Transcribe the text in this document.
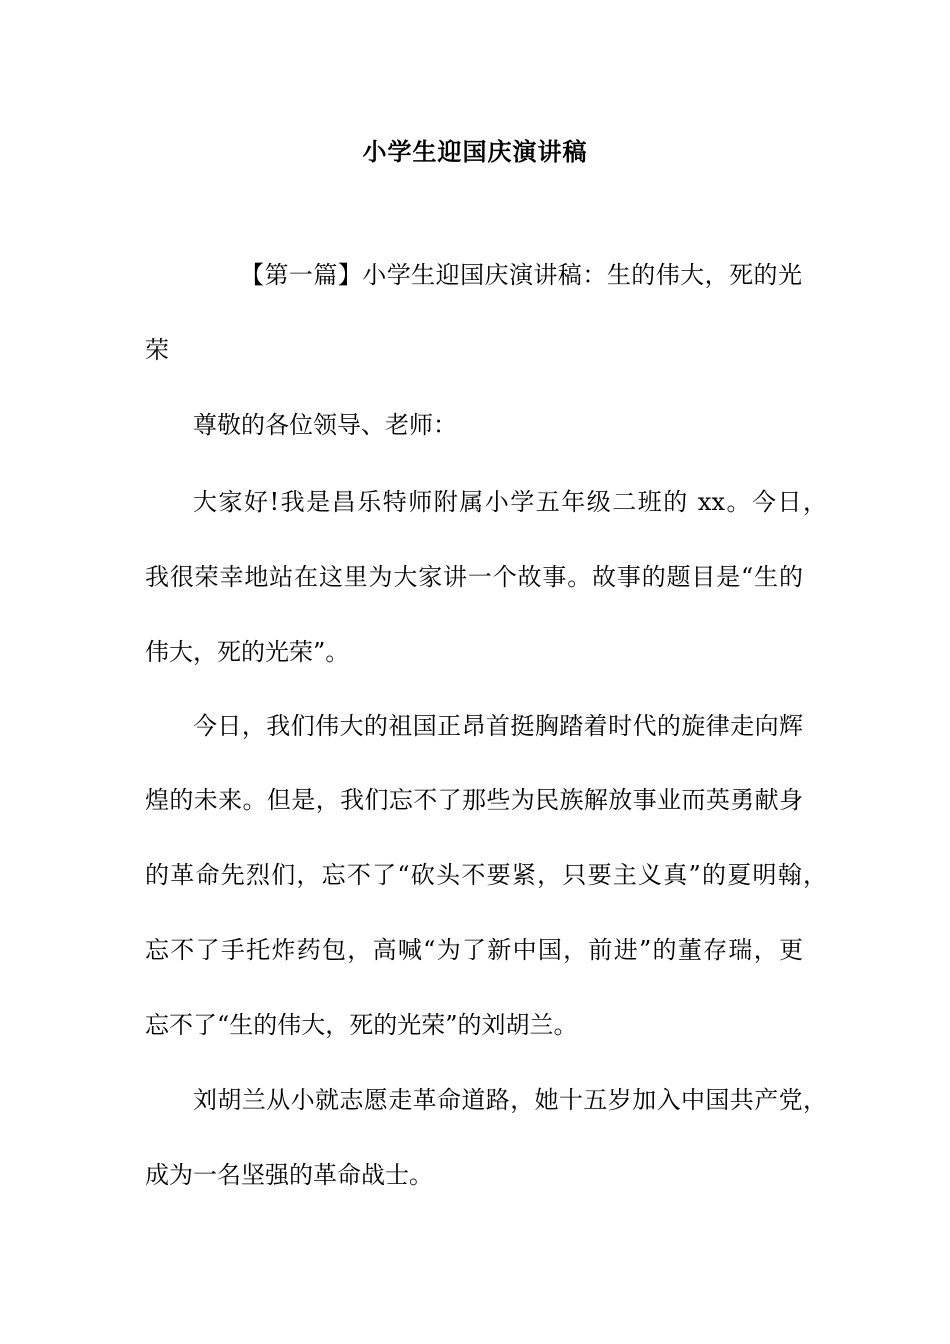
小学生迎国庆演讲稿
【第一篇】小学生迎国庆演讲稿：生的伟大，死的光
荣
尊敬的各位领导、老师：
大家好!我是昌乐特师附属小学五年级二班的 xx。今日，
我很荣幸地站在这里为大家讲一个故事。故事的题目是“生的
伟大，死的光荣”。
今日，我们伟大的祖国正昂首挺胸踏着时代的旋律走向辉
煌的未来。但是，我们忘不了那些为民族解放事业而英勇献身
的革命先烈们，忘不了“砍头不要紧，只要主义真”的夏明翰，
忘不了手托炸药包，高喊“为了新中国，前进”的董存瑞，更
忘不了“生的伟大，死的光荣”的刘胡兰。
刘胡兰从小就志愿走革命道路，她十五岁加入中国共产党，
成为一名坚强的革命战士。
